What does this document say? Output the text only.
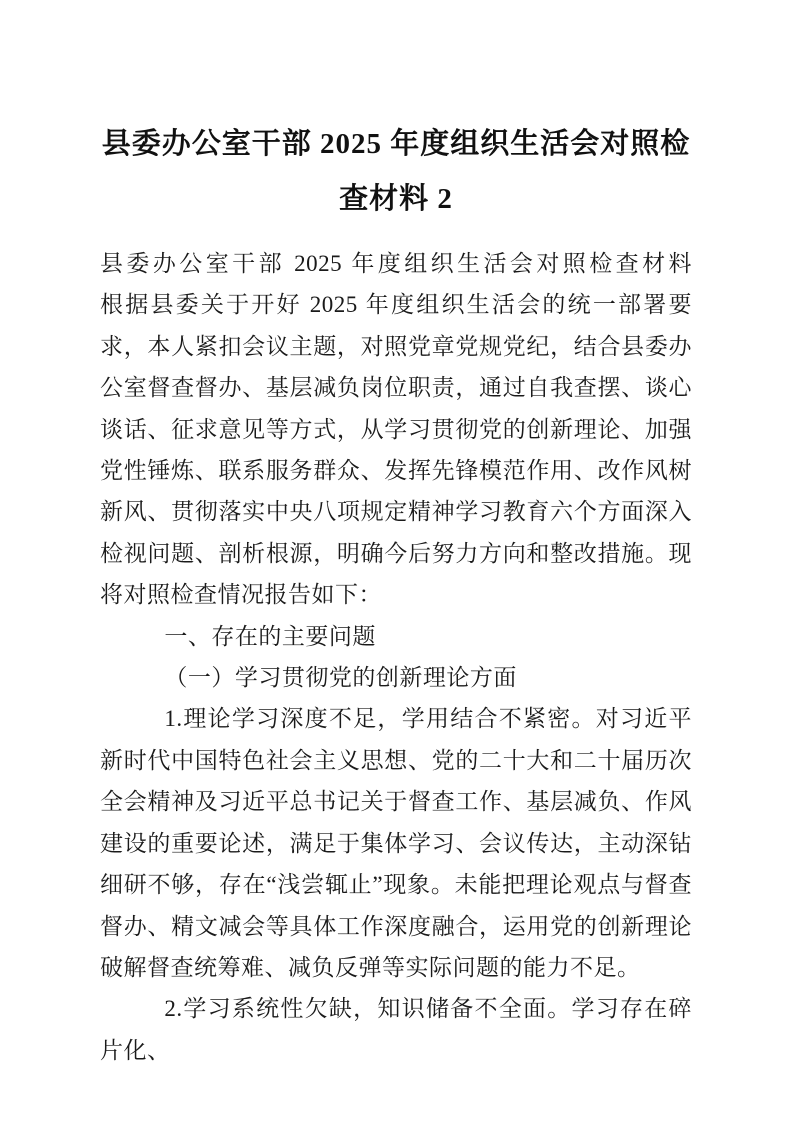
县委办公室干部 2025 年度组织生活会对照检查材料 2

县委办公室干部 2025 年度组织生活会对照检查材料　　根据县委关于开好 2025 年度组织生活会的统一部署要求，本人紧扣会议主题，对照党章党规党纪，结合县委办公室督查督办、基层减负岗位职责，通过自我查摆、谈心谈话、征求意见等方式，从学习贯彻党的创新理论、加强党性锤炼、联系服务群众、发挥先锋模范作用、改作风树新风、贯彻落实中央八项规定精神学习教育六个方面深入检视问题、剖析根源，明确今后努力方向和整改措施。现将对照检查情况报告如下：

一、存在的主要问题

（一）学习贯彻党的创新理论方面

1.理论学习深度不足，学用结合不紧密。对习近平新时代中国特色社会主义思想、党的二十大和二十届历次全会精神及习近平总书记关于督查工作、基层减负、作风建设的重要论述，满足于集体学习、会议传达，主动深钻细研不够，存在“浅尝辄止”现象。未能把理论观点与督查督办、精文减会等具体工作深度融合，运用党的创新理论破解督查统筹难、减负反弹等实际问题的能力不足。

2.学习系统性欠缺，知识储备不全面。学习存在碎片化、
